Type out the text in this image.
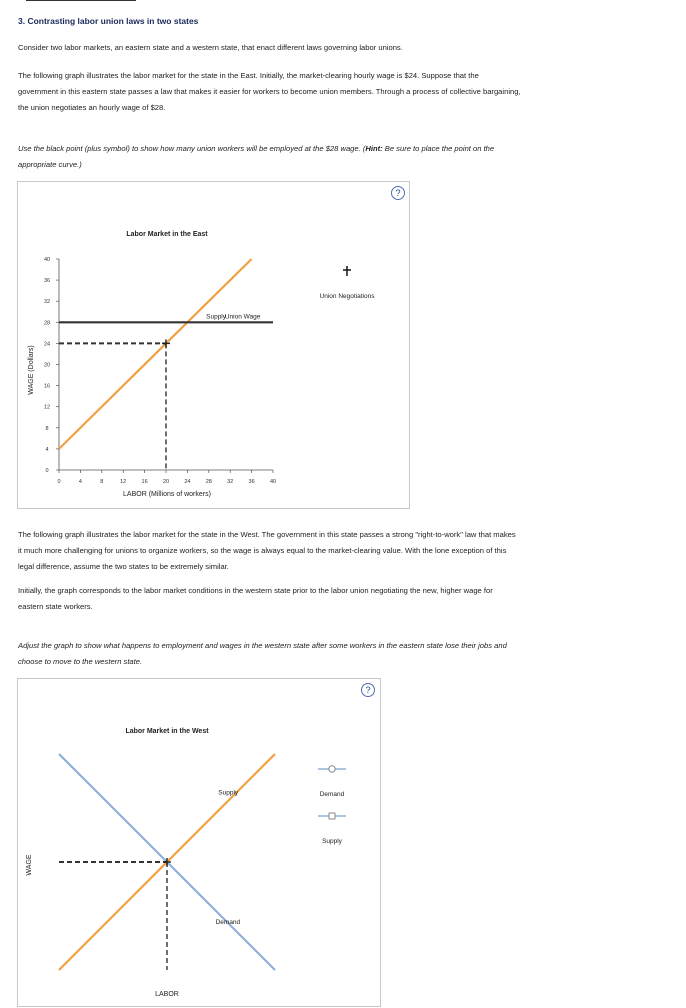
3. Contrasting labor union laws in two states
Consider two labor markets, an eastern state and a western state, that enact different laws governing labor unions.
The following graph illustrates the labor market for the state in the East. Initially, the market-clearing hourly wage is $24. Suppose that the
government in this eastern state passes a law that makes it easier for workers to become union members. Through a process of collective bargaining,
the union negotiates an hourly wage of $28.
Use the black point (plus symbol) to show how many union workers will be employed at the $28 wage. (Hint: Be sure to place the point on the
appropriate curve.)
?
Labor Market in the East
WAGE (Dollars)
LABOR (Millions of workers)
0	4	8	12	16	20	24	28	32	36	40
0
4
8
12
16
20
24
28
32
36
40
Supply
Union Wage
Union Negotiations
The following graph illustrates the labor market for the state in the West. The government in this state passes a strong "right-to-work" law that makes
it much more challenging for unions to organize workers, so the wage is always equal to the market-clearing value. With the lone exception of this
legal difference, assume the two states to be extremely similar.
Initially, the graph corresponds to the labor market conditions in the western state prior to the labor union negotiating the new, higher wage for
eastern state workers.
Adjust the graph to show what happens to employment and wages in the western state after some workers in the eastern state lose their jobs and
choose to move to the western state.
?
Labor Market in the West
WAGE
LABOR
Supply
Demand
Demand
Supply
